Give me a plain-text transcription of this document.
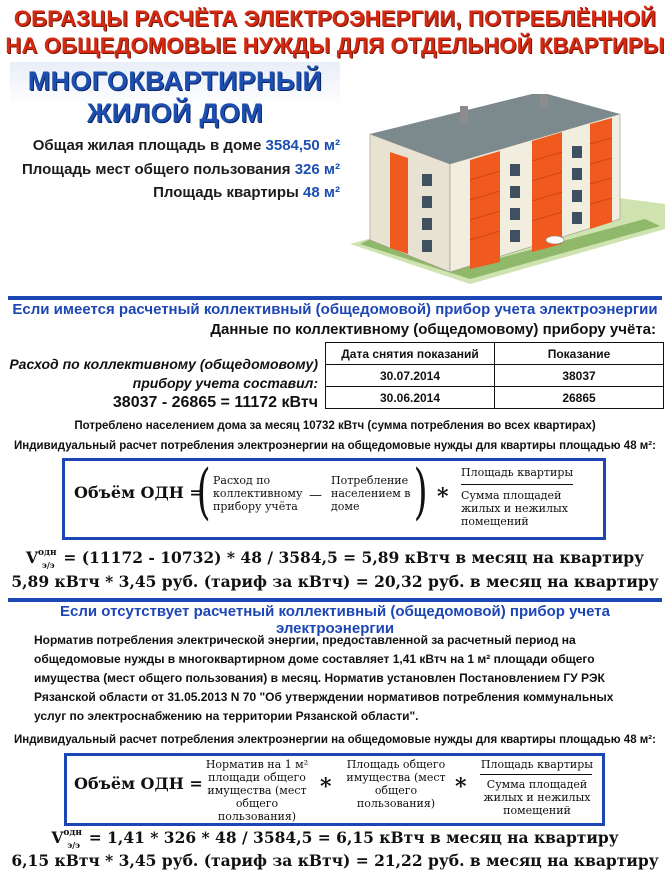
ОБРАЗЦЫ РАСЧЁТА ЭЛЕКТРОЭНЕРГИИ, ПОТРЕБЛЁННОЙ
НА ОБЩЕДОМОВЫЕ НУЖДЫ ДЛЯ ОТДЕЛЬНОЙ КВАРТИРЫ
МНОГОКВАРТИРНЫЙ
ЖИЛОЙ ДОМ
Общая жилая площадь в доме 3584,50 м²
Площадь мест общего пользования 326 м²
Площадь квартиры 48 м²
Если имеется расчетный коллективный (общедомовой) прибор учета электроэнергии
Данные по коллективному (общедомовому) прибору учёта:
Расход по коллективному (общедомовому)
прибору учета составил:
38037 - 26865 = 11172 кВтч
Дата снятия показаний	Показание
30.07.2014	38037
30.06.2014	26865
Потреблено населением дома за месяц 10732 кВтч (сумма потребления во всех квартирах)
Индивидуальный расчет потребления электроэнергии на общедомовые нужды для квартиры площадью 48 м²:
Объём ОДН =
( Расход по коллективному прибору учёта
—
Потребление населением в доме ) *
Площадь квартиры
Сумма площадей жилых и нежилых помещений
V одн
э/э = (11172 - 10732) * 48 / 3584,5 = 5,89 кВтч в месяц на квартиру
5,89 кВтч * 3,45 руб. (тариф за кВтч) = 20,32 руб. в месяц на квартиру
Если отсутствует расчетный коллективный (общедомовой) прибор учета электроэнергии
Норматив потребления электрической энергии, предоставленной за расчетный период на
общедомовые нужды в многоквартирном доме составляет 1,41 кВтч на 1 м² площади общего
имущества (мест общего пользования) в месяц. Норматив установлен Постановлением ГУ РЭК
Рязанской области от 31.05.2013 N 70 "Об утверждении нормативов потребления коммунальных
услуг по электроснабжению на территории Рязанской области".
Индивидуальный расчет потребления электроэнергии на общедомовые нужды для квартиры площадью 48 м²:
Объём ОДН =
Норматив на 1 м² площади общего имущества (мест общего пользования)
*
Площадь общего имущества (мест общего пользования)
*
Площадь квартиры
Сумма площадей жилых и нежилых помещений
V одн
э/э = 1,41 * 326 * 48 / 3584,5 = 6,15 кВтч в месяц на квартиру
6,15 кВтч * 3,45 руб. (тариф за кВтч) = 21,22 руб. в месяц на квартиру
